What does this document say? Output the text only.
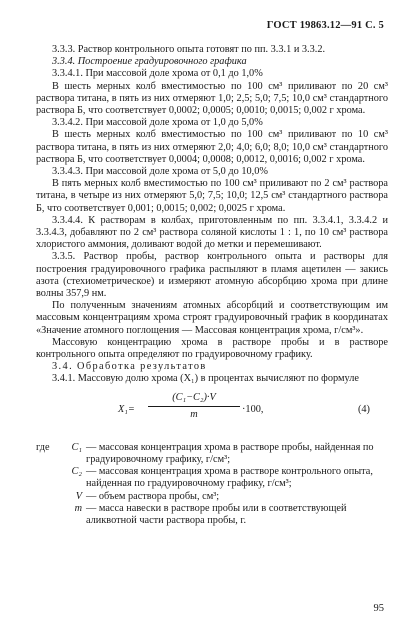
ГОСТ 19863.12—91 С. 5

3.3.3. Раствор контрольного опыта готовят по пп. 3.3.1 и 3.3.2.

3.3.4. Построение градуировочного графика

3.3.4.1. При массовой доле хрома от 0,1 до 1,0%

В шесть мерных колб вместимостью по 100 см³ приливают по 20 см³ раствора титана, в пять из них отмеряют 1,0; 2,5; 5,0; 7,5; 10,0 см³ стандартного раствора Б, что соответствует 0,0002; 0,0005; 0,0010; 0,0015; 0,002 г хрома.

3.3.4.2. При массовой доле хрома от 1,0 до 5,0%

В шесть мерных колб вместимостью по 100 см³ приливают по 10 см³ раствора титана, в пять из них отмеряют 2,0; 4,0; 6,0; 8,0; 10,0 см³ стандартного раствора Б, что соответствует 0,0004; 0,0008; 0,0012, 0,0016; 0,002 г хрома.

3.3.4.3. При массовой доле хрома от 5,0 до 10,0%

В пять мерных колб вместимостью по 100 см³ приливают по 2 см³ раствора титана, в четыре из них отмеряют 5,0; 7,5; 10,0; 12,5 см³ стандартного раствора Б, что соответствует 0,001; 0,0015; 0,002; 0,0025 г хрома.

3.3.4.4. К растворам в колбах, приготовленным по пп. 3.3.4.1, 3.3.4.2 и 3.3.4.3, добавляют по 2 см³ раствора соляной кислоты 1 : 1, по 10 см³ раствора хлористого аммония, доливают водой до метки и перемешивают.

3.3.5. Раствор пробы, раствор контрольного опыта и растворы для построения градуировочного графика распыляют в пламя ацетилен — закись азота (стехиометрическое) и измеряют атомную абсорбцию хрома при длине волны 357,9 нм.

По полученным значениям атомных абсорбций и соответствующим им массовым концентрациям хрома строят градуировочный график в координатах «Значение атомного поглощения — Массовая концентрация хрома, г/см³».

Массовую концентрацию хрома в растворе пробы и в растворе контрольного опыта определяют по градуировочному графику.

3.4. Обработка результатов

3.4.1. Массовую долю хрома (X₁) в процентах вычисляют по формуле

$X_1= \frac{\text{(C₁−C₂)·V}}{m} \cdot 100$,	(4)
где	C₁ — массовая концентрация хрома в растворе пробы, найденная по градуировочному графику, г/см³;
C₂ — массовая концентрация хрома в растворе контрольного опыта, найденная по градуировочному графику, г/см³;
V — объем раствора пробы, см³;
m — масса навески в растворе пробы или в соответствующей аликвотной части раствора пробы, г.
95
